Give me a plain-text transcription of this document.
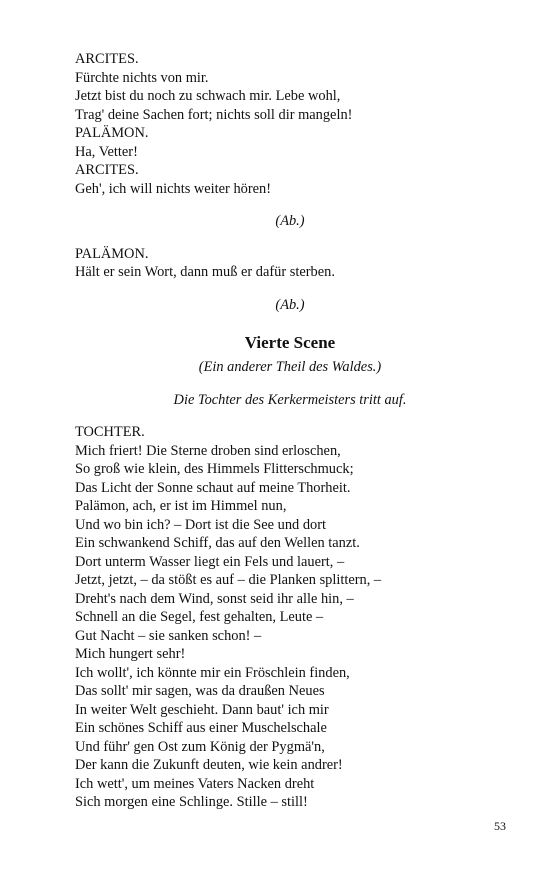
ARCITES.
Fürchte nichts von mir.
Jetzt bist du noch zu schwach mir. Lebe wohl,
Trag' deine Sachen fort; nichts soll dir mangeln!
PALÄMON.
Ha, Vetter!
ARCITES.
Geh', ich will nichts weiter hören!
(Ab.)
PALÄMON.
Hält er sein Wort, dann muß er dafür sterben.
(Ab.)
Vierte Scene
(Ein anderer Theil des Waldes.)
Die Tochter des Kerkermeisters tritt auf.
TOCHTER.
Mich friert! Die Sterne droben sind erloschen,
So groß wie klein, des Himmels Flitterschmuck;
Das Licht der Sonne schaut auf meine Thorheit.
Palämon, ach, er ist im Himmel nun,
Und wo bin ich? – Dort ist die See und dort
Ein schwankend Schiff, das auf den Wellen tanzt.
Dort unterm Wasser liegt ein Fels und lauert, –
Jetzt, jetzt, – da stößt es auf – die Planken splittern, –
Dreht's nach dem Wind, sonst seid ihr alle hin, –
Schnell an die Segel, fest gehalten, Leute –
Gut Nacht – sie sanken schon! –
Mich hungert sehr!
Ich wollt', ich könnte mir ein Fröschlein finden,
Das sollt' mir sagen, was da draußen Neues
In weiter Welt geschieht. Dann baut' ich mir
Ein schönes Schiff aus einer Muschelschale
Und führ' gen Ost zum König der Pygmä'n,
Der kann die Zukunft deuten, wie kein andrer!
Ich wett', um meines Vaters Nacken dreht
Sich morgen eine Schlinge. Stille – still!
53
